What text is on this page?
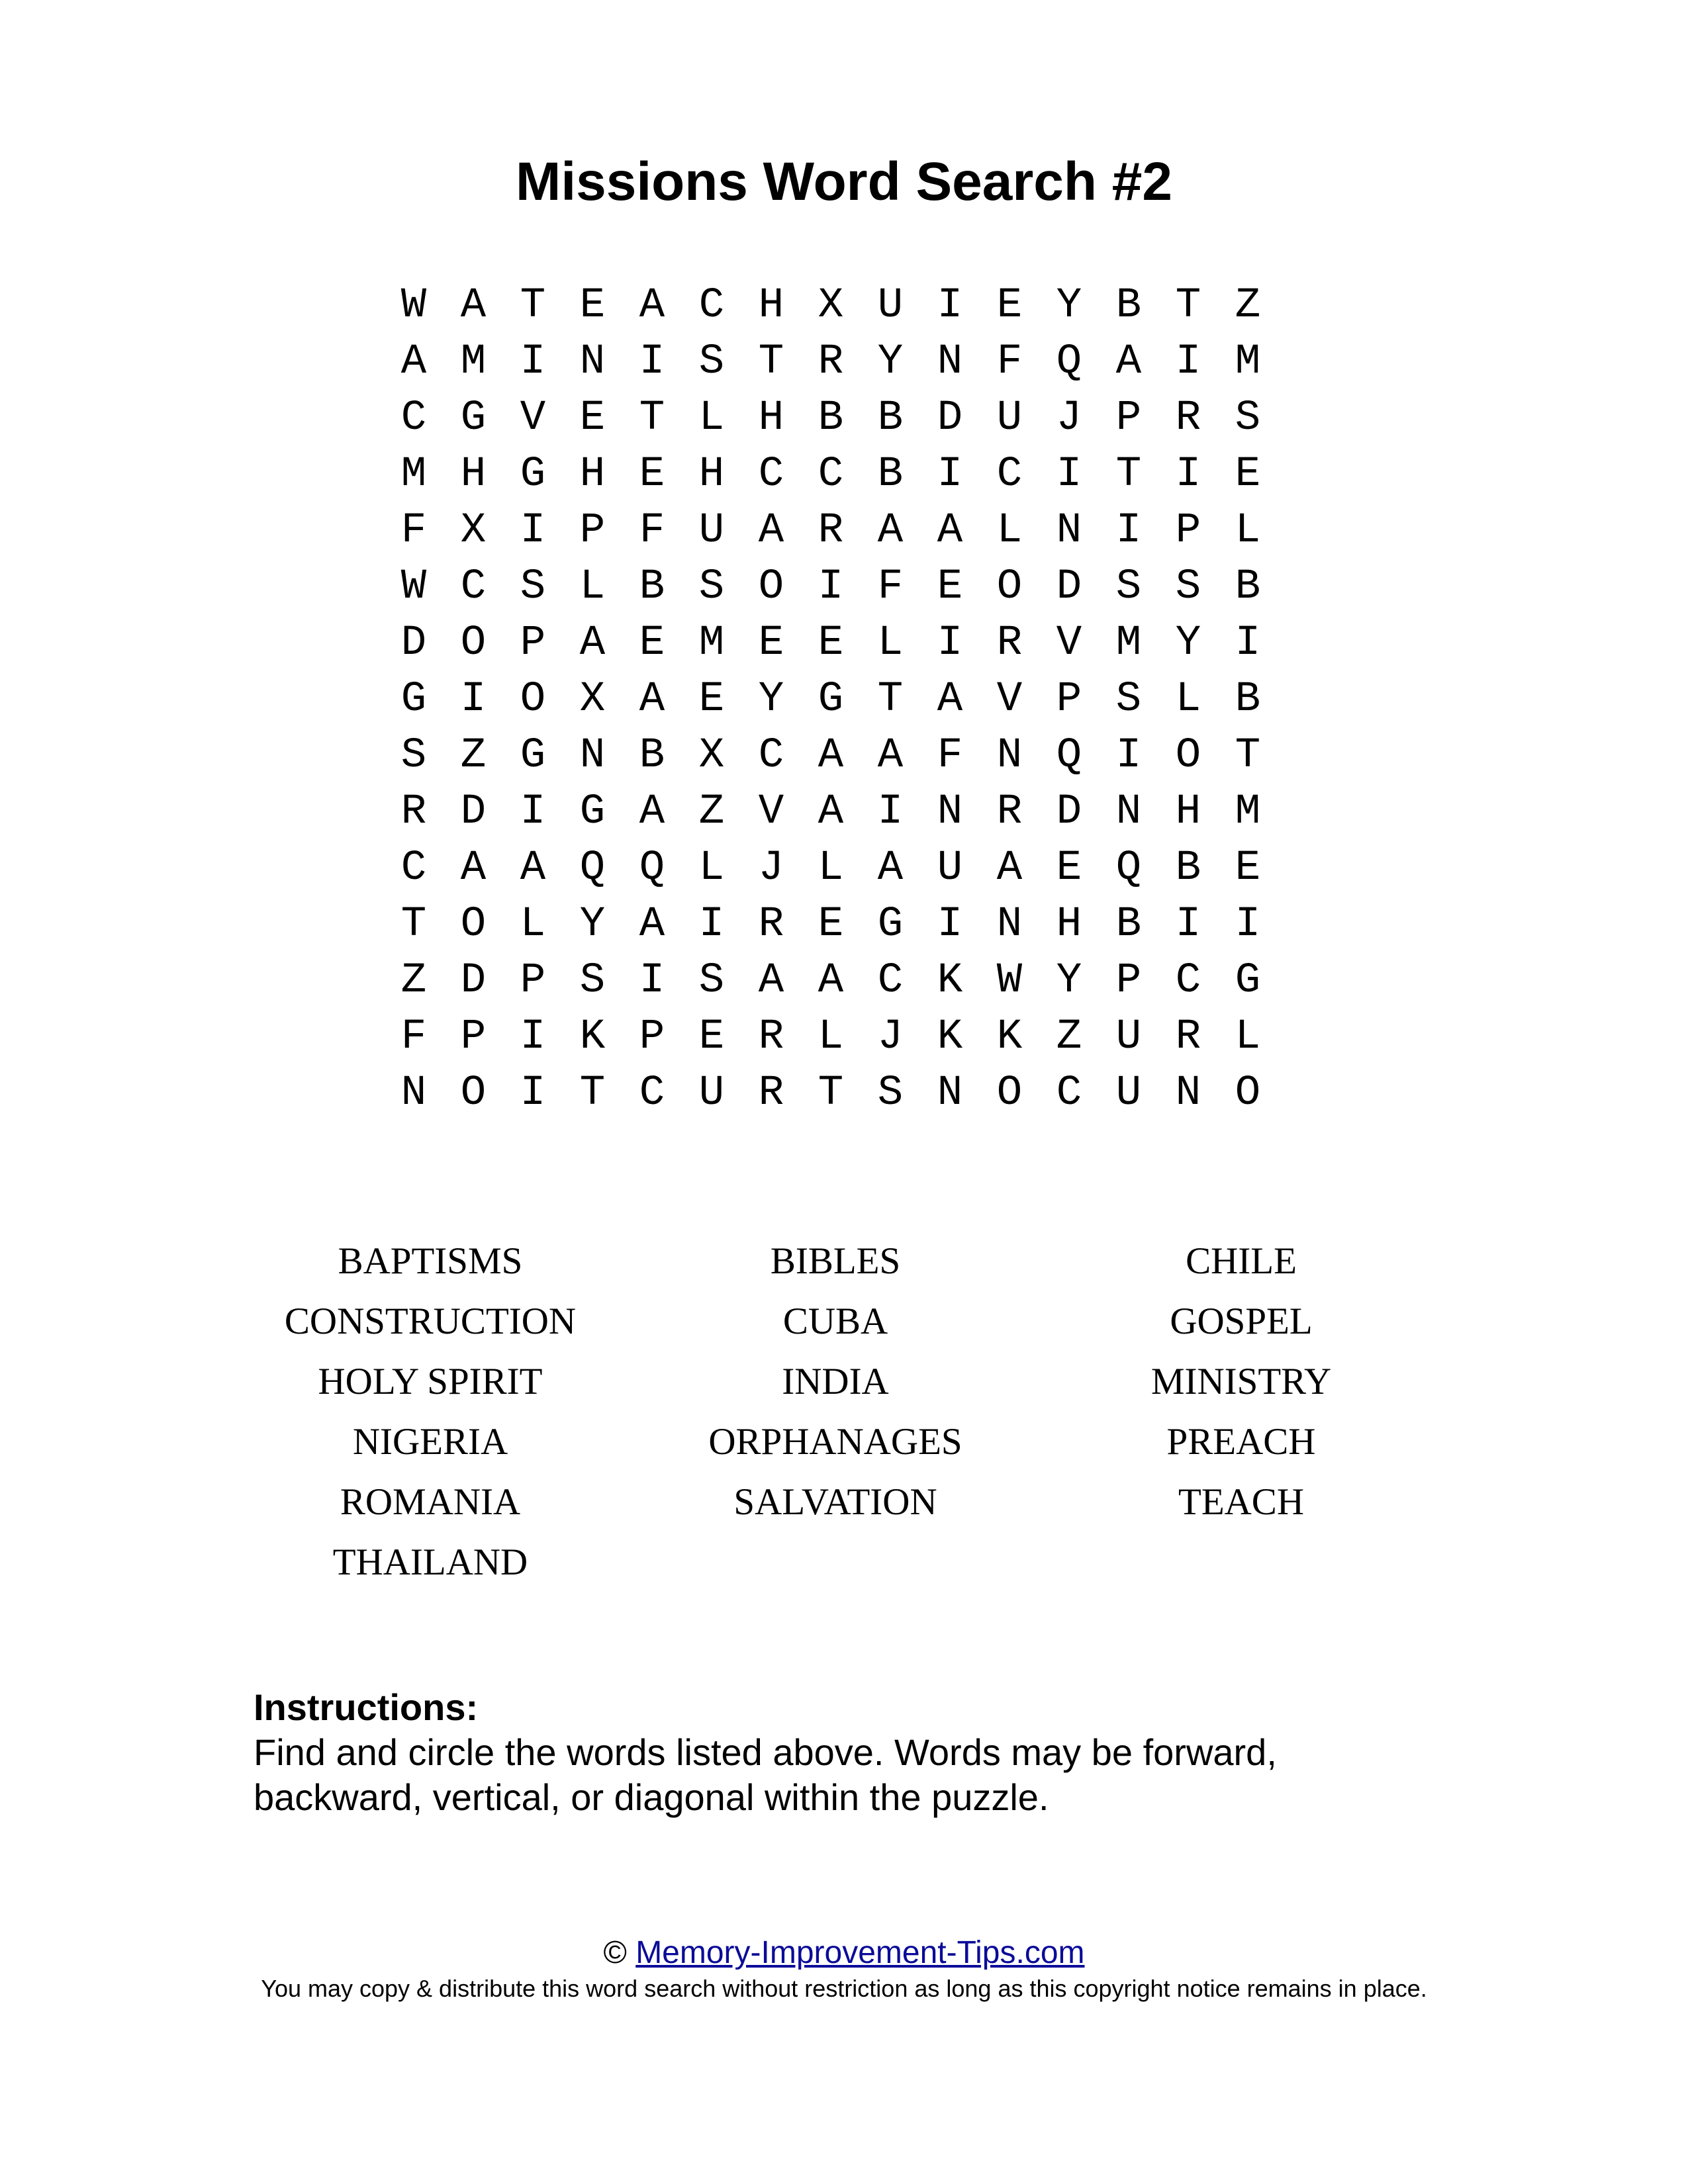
Missions Word Search #2
W A T E A C H X U I E Y B T Z
A M I N I S T R Y N F Q A I M
C G V E T L H B B D U J P R S
M H G H E H C C B I C I T I E
F X I P F U A R A A L N I P L
W C S L B S O I F E O D S S B
D O P A E M E E L I R V M Y I
G I O X A E Y G T A V P S L B
S Z G N B X C A A F N Q I O T
R D I G A Z V A I N R D N H M
C A A Q Q L J L A U A E Q B E
T O L Y A I R E G I N H B I I
Z D P S I S A A C K W Y P C G
F P I K P E R L J K K Z U R L
N O I T C U R T S N O C U N O
BAPTISMS	BIBLES	CHILE
CONSTRUCTION	CUBA	GOSPEL
HOLY SPIRIT	INDIA	MINISTRY
NIGERIA	ORPHANAGES	PREACH
ROMANIA	SALVATION	TEACH
THAILAND
Instructions:
Find and circle the words listed above. Words may be forward, backward, vertical, or diagonal within the puzzle.
© Memory-Improvement-Tips.com
You may copy & distribute this word search without restriction as long as this copyright notice remains in place.
